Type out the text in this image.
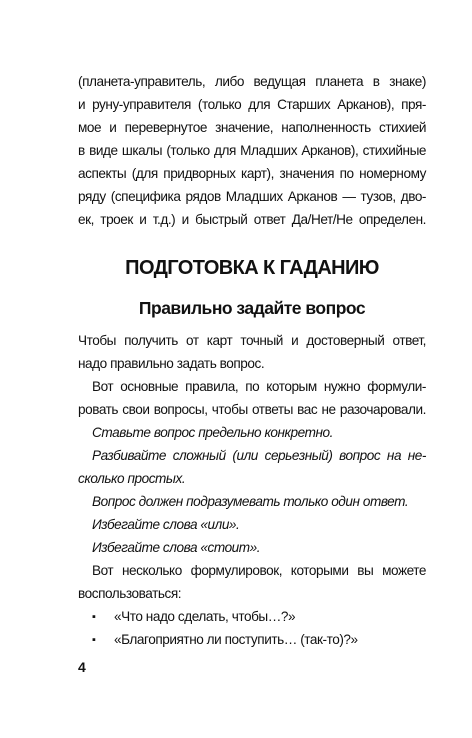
(планета-управитель, либо ведущая планета в знаке)
и руну-управителя (только для Старших Арканов), пря-
мое и перевернутое значение, наполненность стихией
в виде шкалы (только для Младших Арканов), стихийные
аспекты (для придворных карт), значения по номерному
ряду (специфика рядов Младших Арканов — тузов, дво-
ек, троек и т.д.) и быстрый ответ Да/Нет/Не определен.
ПОДГОТОВКА К ГАДАНИЮ
Правильно задайте вопрос
Чтобы получить от карт точный и достоверный ответ,
надо правильно задать вопрос.
Вот основные правила, по которым нужно формули-
ровать свои вопросы, чтобы ответы вас не разочаровали.
Ставьте вопрос предельно конкретно.
Разбивайте сложный (или серьезный) вопрос на не-
сколько простых.
Вопрос должен подразумевать только один ответ.
Избегайте слова «или».
Избегайте слова «стоит».
Вот несколько формулировок, которыми вы можете
воспользоваться:
▪ «Что надо сделать, чтобы…?»
▪ «Благоприятно ли поступить… (так-то)?»
4
